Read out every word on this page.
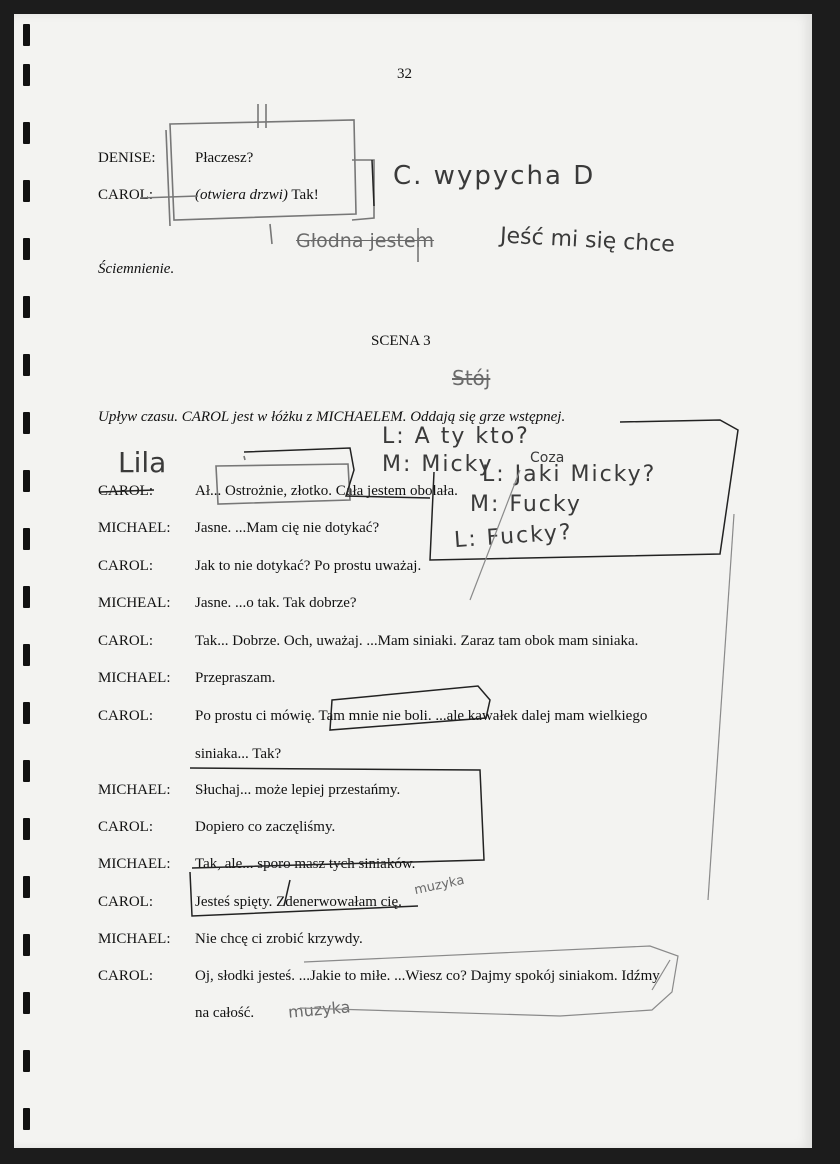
32
DENISE:	Płaczesz?
CAROL:	(otwiera drzwi) Tak!
Ściemnienie.
SCENA 3
Upływ czasu. CAROL jest w łóżku z MICHAELEM. Oddają się grze wstępnej.
CAROL:	Ał... Ostrożnie, złotko. Cała jestem obolała.
MICHAEL: Jasne. ...Mam cię nie dotykać?
CAROL:	Jak to nie dotykać? Po prostu uważaj.
MICHEAL: Jasne. ...o tak. Tak dobrze?
CAROL:	Tak... Dobrze. Och, uważaj. ...Mam siniaki. Zaraz tam obok mam siniaka.
MICHAEL: Przepraszam.
CAROL:	Po prostu ci mówię. Tam mnie nie boli. ...ale kawałek dalej mam wielkiego
siniaka... Tak?
MICHAEL: Słuchaj... może lepiej przestańmy.
CAROL:	Dopiero co zaczęliśmy.
MICHAEL: Tak, ale... sporo masz tych siniaków.
CAROL:	Jesteś spięty. Zdenerwowałam cię.
MICHAEL: Nie chcę ci zrobić krzywdy.
CAROL:	Oj, słodki jesteś. ...Jakie to miłe. ...Wiesz co? Dajmy spokój siniakom. Idźmy
na całość.
C. wypycha D
Głodna jestem	Jeść mi się chce
Stój
Lila
L: A ty kto?
M: Micky	Coza
L: Jaki Micky?
M: Fucky
L: Fucky?
muzyka
muzyka
